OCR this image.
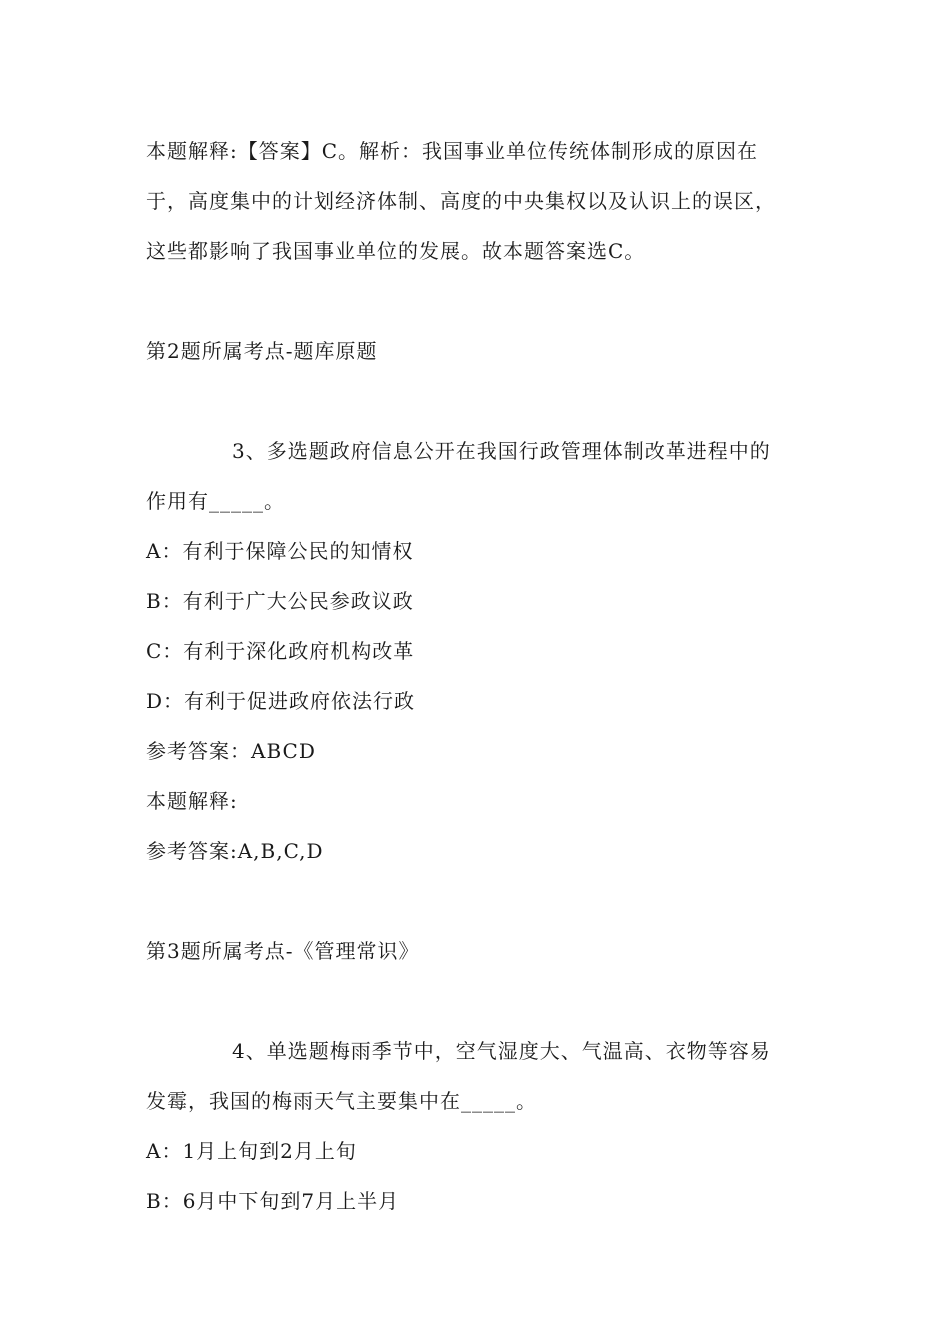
本题解释:【答案】C。解析：我国事业单位传统体制形成的原因在
于，高度集中的计划经济体制、高度的中央集权以及认识上的误区，
这些都影响了我国事业单位的发展。故本题答案选C。
第2题所属考点-题库原题
3、多选题政府信息公开在我国行政管理体制改革进程中的
作用有_____。
A：有利于保障公民的知情权
B：有利于广大公民参政议政
C：有利于深化政府机构改革
D：有利于促进政府依法行政
参考答案：ABCD
本题解释:
参考答案:A,B,C,D
第3题所属考点-《管理常识》
4、单选题梅雨季节中，空气湿度大、气温高、衣物等容易
发霉，我国的梅雨天气主要集中在_____。
A：1月上旬到2月上旬
B：6月中下旬到7月上半月
